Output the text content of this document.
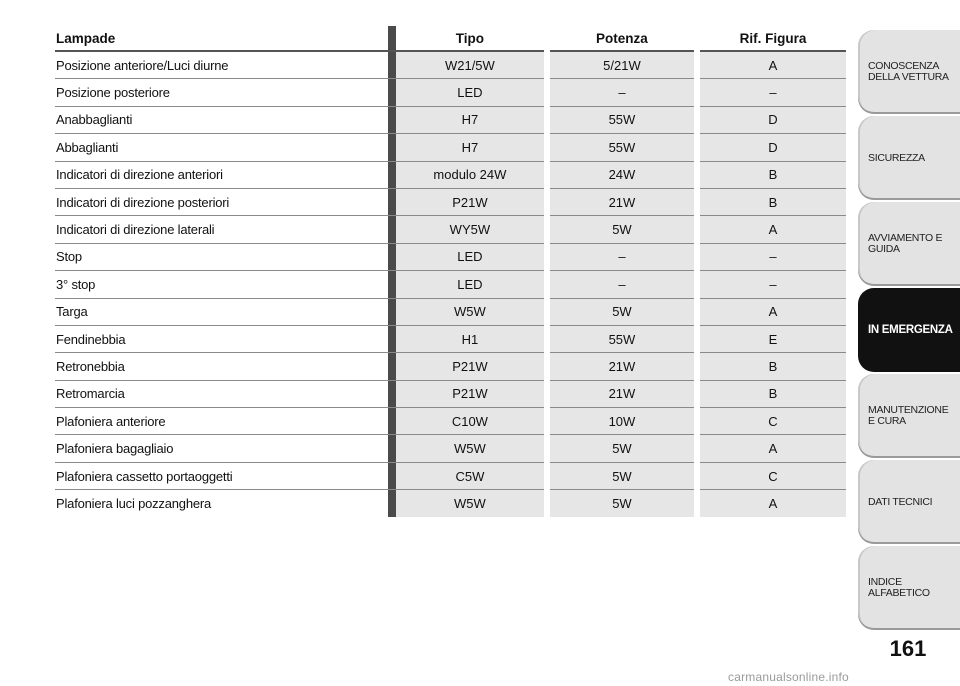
Lampade		Tipo	Potenza	Rif. Figura
Posizione anteriore/Luci diurne		W21/5W	5/21W	A
Posizione posteriore		LED	–	–
Anabbaglianti		H7	55W	D
Abbaglianti		H7	55W	D
Indicatori di direzione anteriori		modulo 24W	24W	B
Indicatori di direzione posteriori		P21W	21W	B
Indicatori di direzione laterali		WY5W	5W	A
Stop		LED	–	–
3° stop		LED	–	–
Targa		W5W	5W	A
Fendinebbia		H1	55W	E
Retronebbia		P21W	21W	B
Retromarcia		P21W	21W	B
Plafoniera anteriore		C10W	10W	C
Plafoniera bagagliaio		W5W	5W	A
Plafoniera cassetto portaoggetti		C5W	5W	C
Plafoniera luci pozzanghera		W5W	5W	A
CONOSCENZA DELLA VETTURA
SICUREZZA
AVVIAMENTO E GUIDA
IN EMERGENZA
MANUTENZIONE E CURA
DATI TECNICI
INDICE ALFABETICO
161
carmanualsonline.info
